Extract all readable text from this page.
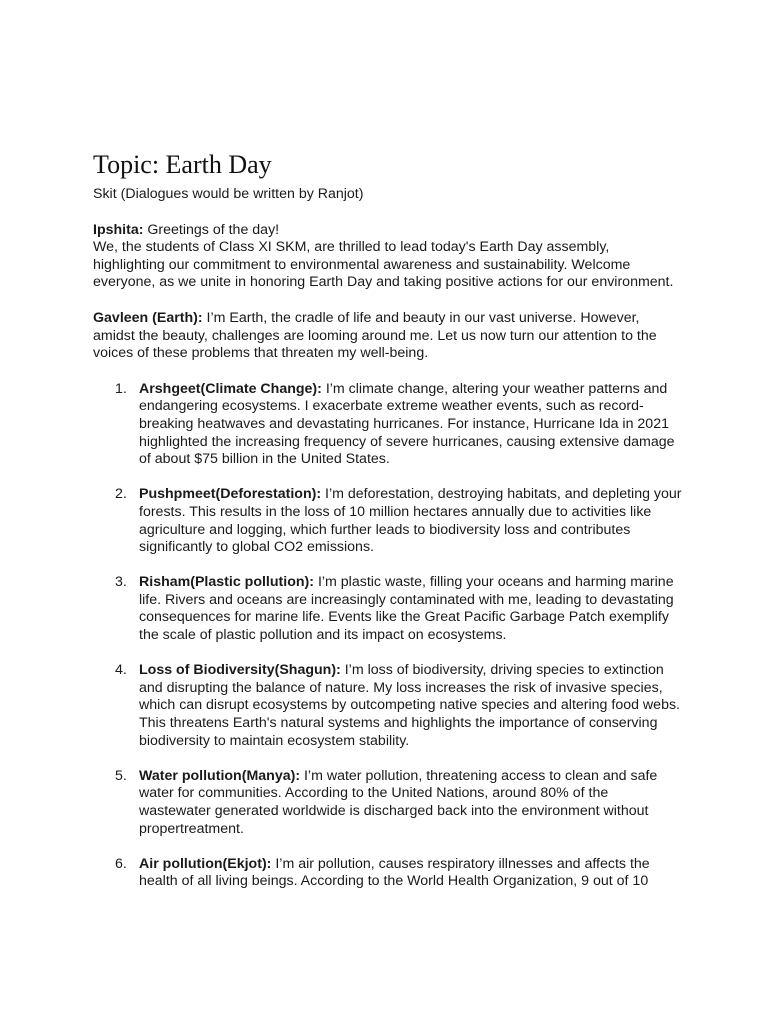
Topic: Earth Day

Skit (Dialogues would be written by Ranjot)

Ipshita: Greetings of the day!
We, the students of Class XI SKM, are thrilled to lead today's Earth Day assembly, highlighting our commitment to environmental awareness and sustainability. Welcome everyone, as we unite in honoring Earth Day and taking positive actions for our environment.

Gavleen (Earth): I’m Earth, the cradle of life and beauty in our vast universe. However, amidst the beauty, challenges are looming around me. Let us now turn our attention to the voices of these problems that threaten my well-being.

1. Arshgeet(Climate Change): I’m climate change, altering your weather patterns and endangering ecosystems. I exacerbate extreme weather events, such as record-breaking heatwaves and devastating hurricanes. For instance, Hurricane Ida in 2021 highlighted the increasing frequency of severe hurricanes, causing extensive damage of about $75 billion in the United States.
2. Pushpmeet(Deforestation): I’m deforestation, destroying habitats, and depleting your forests. This results in the loss of 10 million hectares annually due to activities like agriculture and logging, which further leads to biodiversity loss and contributes significantly to global CO2 emissions.
3. Risham(Plastic pollution): I’m plastic waste, filling your oceans and harming marine life. Rivers and oceans are increasingly contaminated with me, leading to devastating consequences for marine life. Events like the Great Pacific Garbage Patch exemplify the scale of plastic pollution and its impact on ecosystems.
4. Loss of Biodiversity(Shagun): I’m loss of biodiversity, driving species to extinction and disrupting the balance of nature. My loss increases the risk of invasive species, which can disrupt ecosystems by outcompeting native species and altering food webs. This threatens Earth's natural systems and highlights the importance of conserving biodiversity to maintain ecosystem stability.
5. Water pollution(Manya): I’m water pollution, threatening access to clean and safe water for communities. According to the United Nations, around 80% of the wastewater generated worldwide is discharged back into the environment without propertreatment.
6. Air pollution(Ekjot): I’m air pollution, causes respiratory illnesses and affects the health of all living beings. According to the World Health Organization, 9 out of 10
